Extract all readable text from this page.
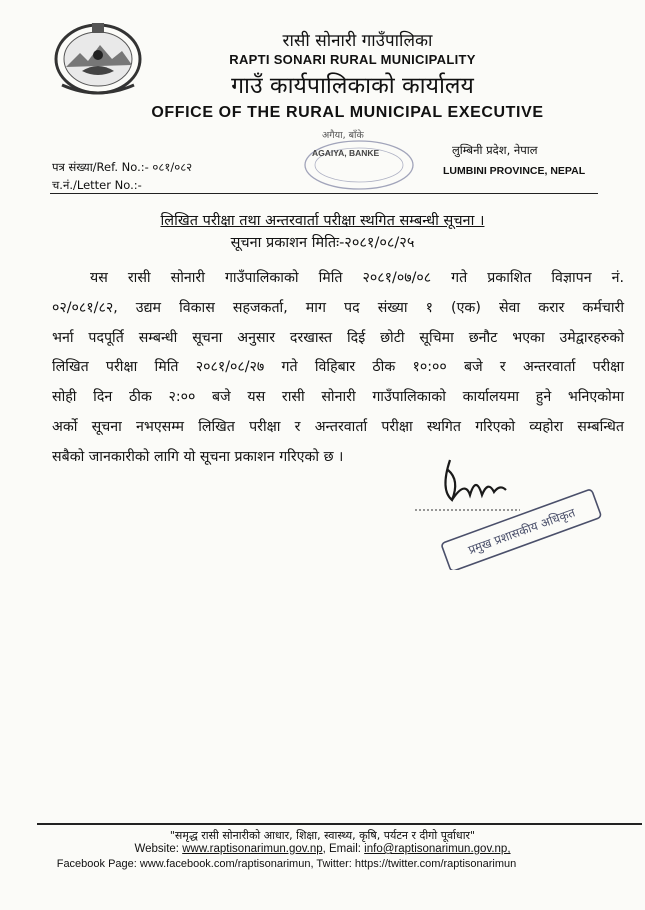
रासी सोनारी गाउँपालिका
RAPTI SONARI RURAL MUNICIPALITY
गाउँ कार्यपालिकाको कार्यालय
OFFICE OF THE RURAL MUNICIPAL EXECUTIVE
अगैया, बाँके
AGAIYA, BANKE	लुम्बिनी प्रदेश, नेपाल
LUMBINI PROVINCE, NEPAL
पत्र संख्या/Ref. No.:- ०८१/०८२
च.नं./Letter No.:-
लिखित परीक्षा तथा अन्तरवार्ता परीक्षा स्थगित सम्बन्धी सूचना ।
सूचना प्रकाशन मितिः-२०८१/०८/२५
यस रासी सोनारी गाउँपालिकाको मिति २०८१/०७/०८ गते प्रकाशित विज्ञापन नं.
०२/०८१/८२, उद्यम विकास सहजकर्ता, माग पद संख्या १ (एक) सेवा करार कर्मचारी
भर्ना पदपूर्ति सम्बन्धी सूचना अनुसार दरखास्त दिई छोटी सूचिमा छनौट भएका उमेद्वारहरुको
लिखित परीक्षा मिति २०८१/०८/२७ गते विहिबार ठीक १०:०० बजे र अन्तरवार्ता परीक्षा
सोही दिन ठीक २:०० बजे यस रासी सोनारी गाउँपालिकाको कार्यालयमा हुने भनिएकोमा
अर्को सूचना नभएसम्म लिखित परीक्षा र अन्तरवार्ता परीक्षा स्थगित गरिएको व्यहोरा सम्बन्धित
सबैको जानकारीको लागि यो सूचना प्रकाशन गरिएको छ ।
प्रमुख प्रशासकीय अधिकृत
"समृद्ध रासी सोनारीको आधार, शिक्षा, स्वास्थ्य, कृषि, पर्यटन र दीगो पूर्वाधार"
Website: www.raptisonarimun.gov.np, Email: info@raptisonarimun.gov.np,
Facebook Page: www.facebook.com/raptisonarimun, Twitter: https://twitter.com/raptisonarimun
